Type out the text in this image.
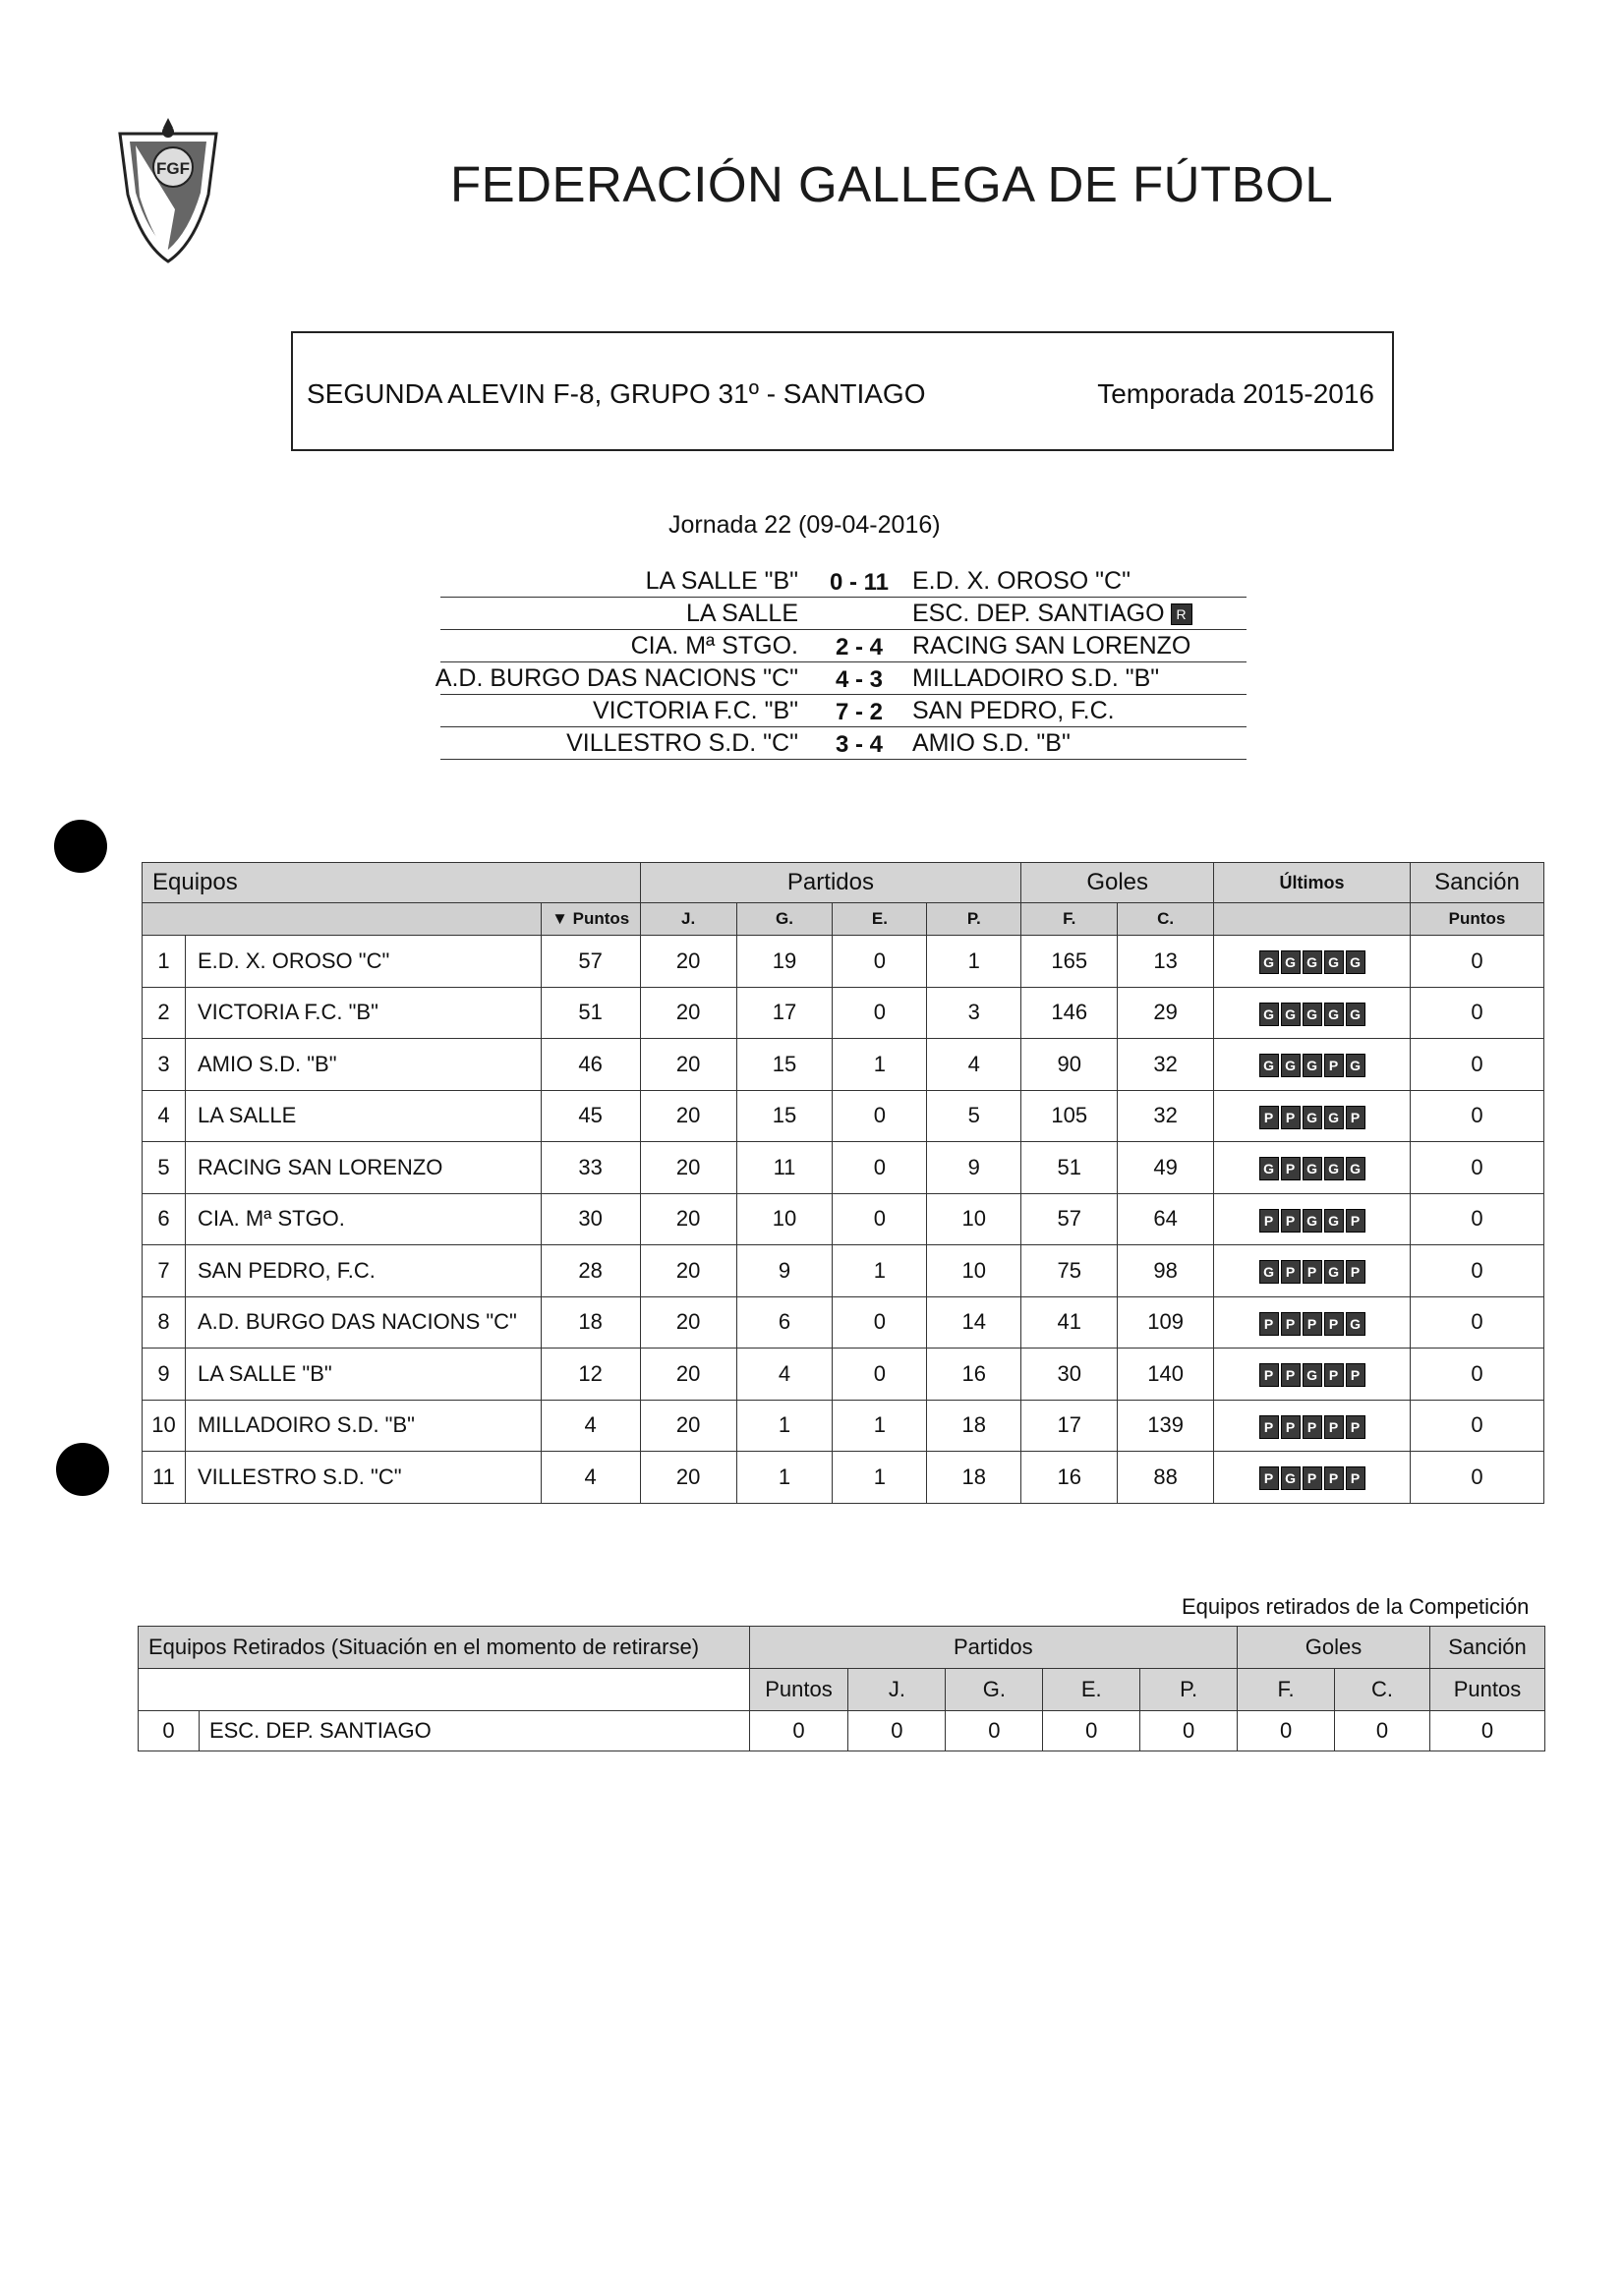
FGF	FEDERACIÓN GALLEGA DE FÚTBOL
SEGUNDA ALEVIN F-8, GRUPO 31º - SANTIAGO	Temporada 2015-2016
Jornada 22 (09-04-2016)
LA SALLE "B" 0 - 11 E.D. X. OROSO "C"
LA SALLE	ESC. DEP. SANTIAGO R
CIA. Mª STGO.	2 - 4	RACING SAN LORENZO
A.D. BURGO DAS NACIONS "C"	4 - 3	MILLADOIRO S.D. "B"
VICTORIA F.C. "B"	7 - 2	SAN PEDRO, F.C.
VILLESTRO S.D. "C"	3 - 4	AMIO S.D. "B"
Equipos			Partidos				Goles		Últimos	Sanción
		▼ Puntos	J.	G.	E.	P.	F.	C.		Puntos
1	E.D. X. OROSO "C"	57	20	19	0	1	165	13	G G G G G	0
2	VICTORIA F.C. "B"	51	20	17	0	3	146	29	G G G G G	0
3	AMIO S.D. "B"	46	20	15	1	4	90	32	G G G P G	0
4	LA SALLE	45	20	15	0	5	105	32	P P G G P	0
5	RACING SAN LORENZO	33	20	11	0	9	51	49	G P G G G	0
6	CIA. Mª STGO.	30	20	10	0	10	57	64	P P G G P	0
7	SAN PEDRO, F.C.	28	20	9	1	10	75	98	G P P G P	0
8	A.D. BURGO DAS NACIONS "C"	18	20	6	0	14	41	109	P P P P G	0
9	LA SALLE "B"	12	20	4	0	16	30	140	P P G P P	0
10	MILLADOIRO S.D. "B"	4	20	1	1	18	17	139	P P P P P	0
11	VILLESTRO S.D. "C"	4	20	1	1	18	16	88	P G P P P	0
Equipos retirados de la Competición
Equipos Retirados (Situación en el momento de retirarse)		Partidos					Goles		Sanción
		Puntos	J.	G.	E.	P.	F.	C.	Puntos
0	ESC. DEP. SANTIAGO	0	0	0	0	0	0	0	0
